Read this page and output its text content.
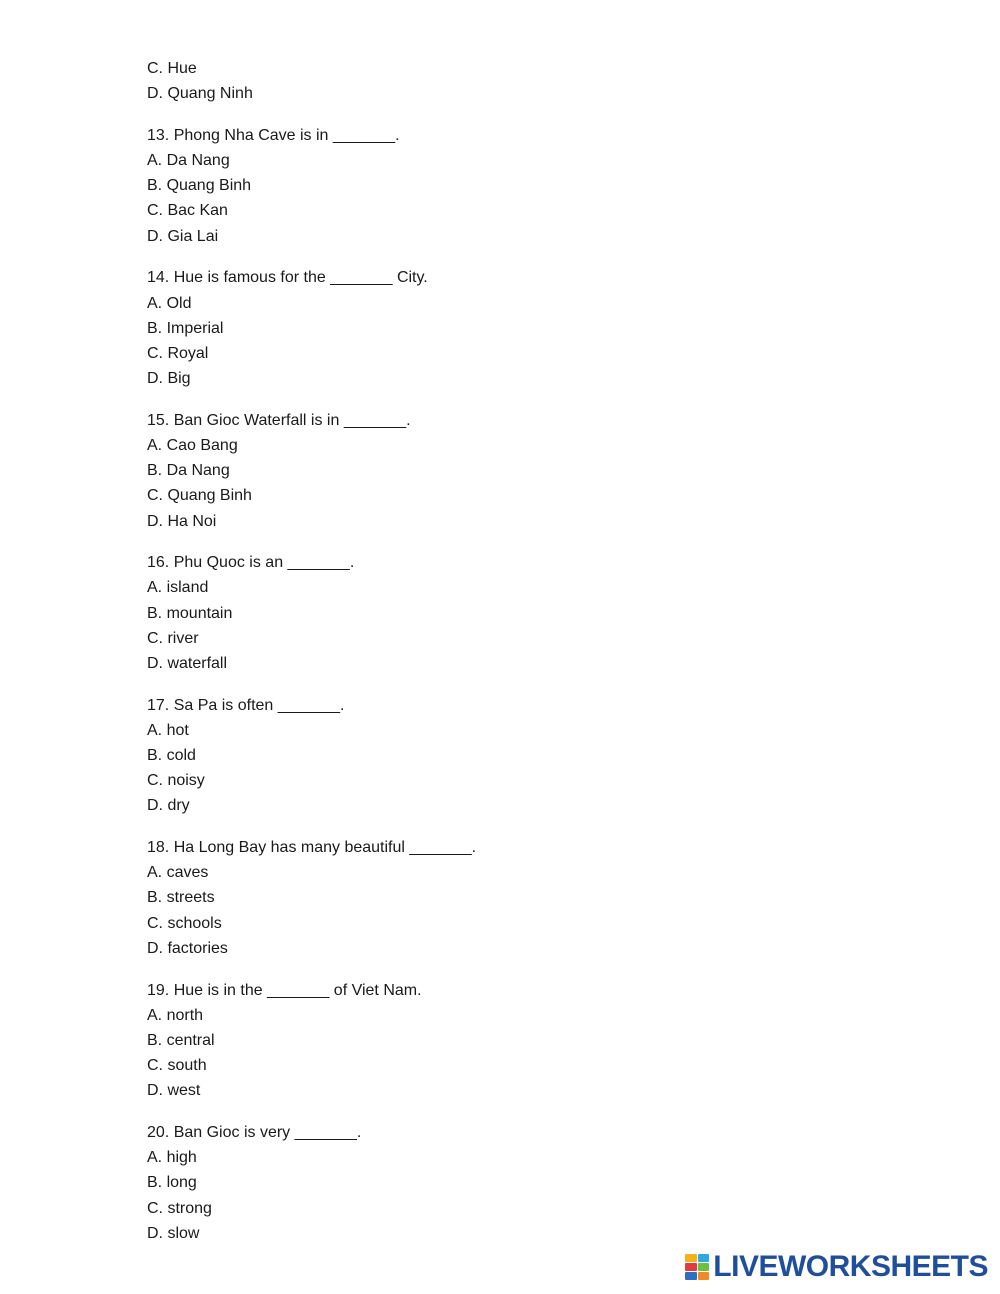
C. Hue
D. Quang Ninh
13. Phong Nha Cave is in _______.
A. Da Nang
B. Quang Binh
C. Bac Kan
D. Gia Lai
14. Hue is famous for the _______ City.
A. Old
B. Imperial
C. Royal
D. Big
15. Ban Gioc Waterfall is in _______.
A. Cao Bang
B. Da Nang
C. Quang Binh
D. Ha Noi
16. Phu Quoc is an _______.
A. island
B. mountain
C. river
D. waterfall
17. Sa Pa is often _______.
A. hot
B. cold
C. noisy
D. dry
18. Ha Long Bay has many beautiful _______.
A. caves
B. streets
C. schools
D. factories
19. Hue is in the _______ of Viet Nam.
A. north
B. central
C. south
D. west
20. Ban Gioc is very _______.
A. high
B. long
C. strong
D. slow
LIVEWORKSHEETS
